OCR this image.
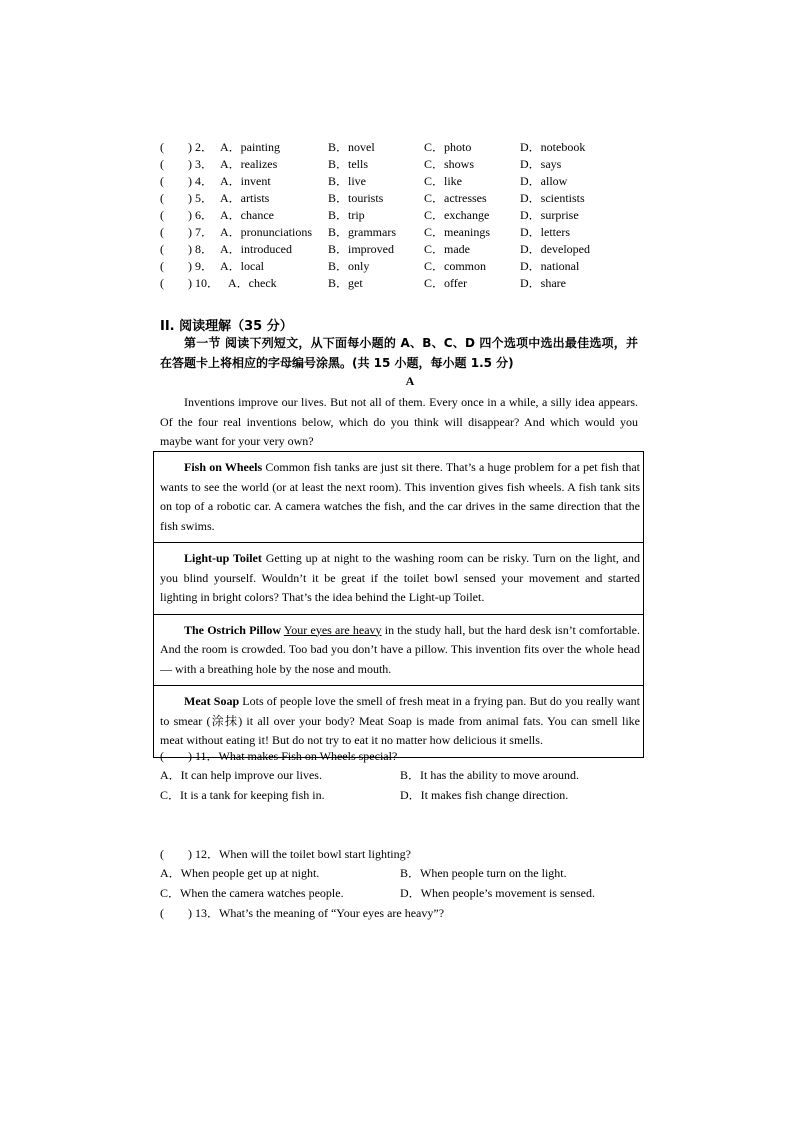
( ) 2． A．painting	B．novel	C．photo	D．notebook
( ) 3． A．realizes	B．tells	C．shows	D．says
( ) 4． A．invent	B．live	C．like	D．allow
( ) 5． A．artists	B．tourists	C．actresses	D．scientists
( ) 6． A．chance	B．trip	C．exchange	D．surprise
( ) 7． A．pronunciations B．grammars C．meanings	D．letters
( ) 8． A．introduced	B．improved	C．made	D．developed
( ) 9． A．local	B．only	C．common	D．national
( ) 10． A．check	B．get	C．offer	D．share
II. 阅读理解（35 分）
第一节 阅读下列短文，从下面每小题的 A、B、C、D 四个选项中选出最佳选项，并在答题卡上将相应的字母编号涂黑。(共 15 小题，每小题 1.5 分)
A
Inventions improve our lives. But not all of them. Every once in a while, a silly idea appears. Of the four real inventions below, which do you think will disappear? And which would you maybe want for your very own?
Fish on Wheels Common fish tanks are just sit there. That’s a huge problem for a pet fish that wants to see the world (or at least the next room). This invention gives fish wheels. A fish tank sits on top of a robotic car. A camera watches the fish, and the car drives in the same direction that the fish swims.
Light-up Toilet Getting up at night to the washing room can be risky. Turn on the light, and you blind yourself. Wouldn’t it be great if the toilet bowl sensed your movement and started lighting in bright colors? That’s the idea behind the Light-up Toilet.
The Ostrich Pillow Your eyes are heavy in the study hall, but the hard desk isn’t comfortable. And the room is crowded. Too bad you don’t have a pillow. This invention fits over the whole head — with a breathing hole by the nose and mouth.
Meat Soap Lots of people love the smell of fresh meat in a frying pan. But do you really want to smear (涂抹) it all over your body? Meat Soap is made from animal fats. You can smell like meat without eating it! But do not try to eat it no matter how delicious it smells.
( ) 11．What makes Fish on Wheels special?
A．It can help improve our lives.	B．It has the ability to move around.
C．It is a tank for keeping fish in.	D．It makes fish change direction.
( ) 12．When will the toilet bowl start lighting?
A．When people get up at night.	B．When people turn on the light.
C．When the camera watches people.	D．When people’s movement is sensed.
( ) 13．What’s the meaning of “Your eyes are heavy”?
